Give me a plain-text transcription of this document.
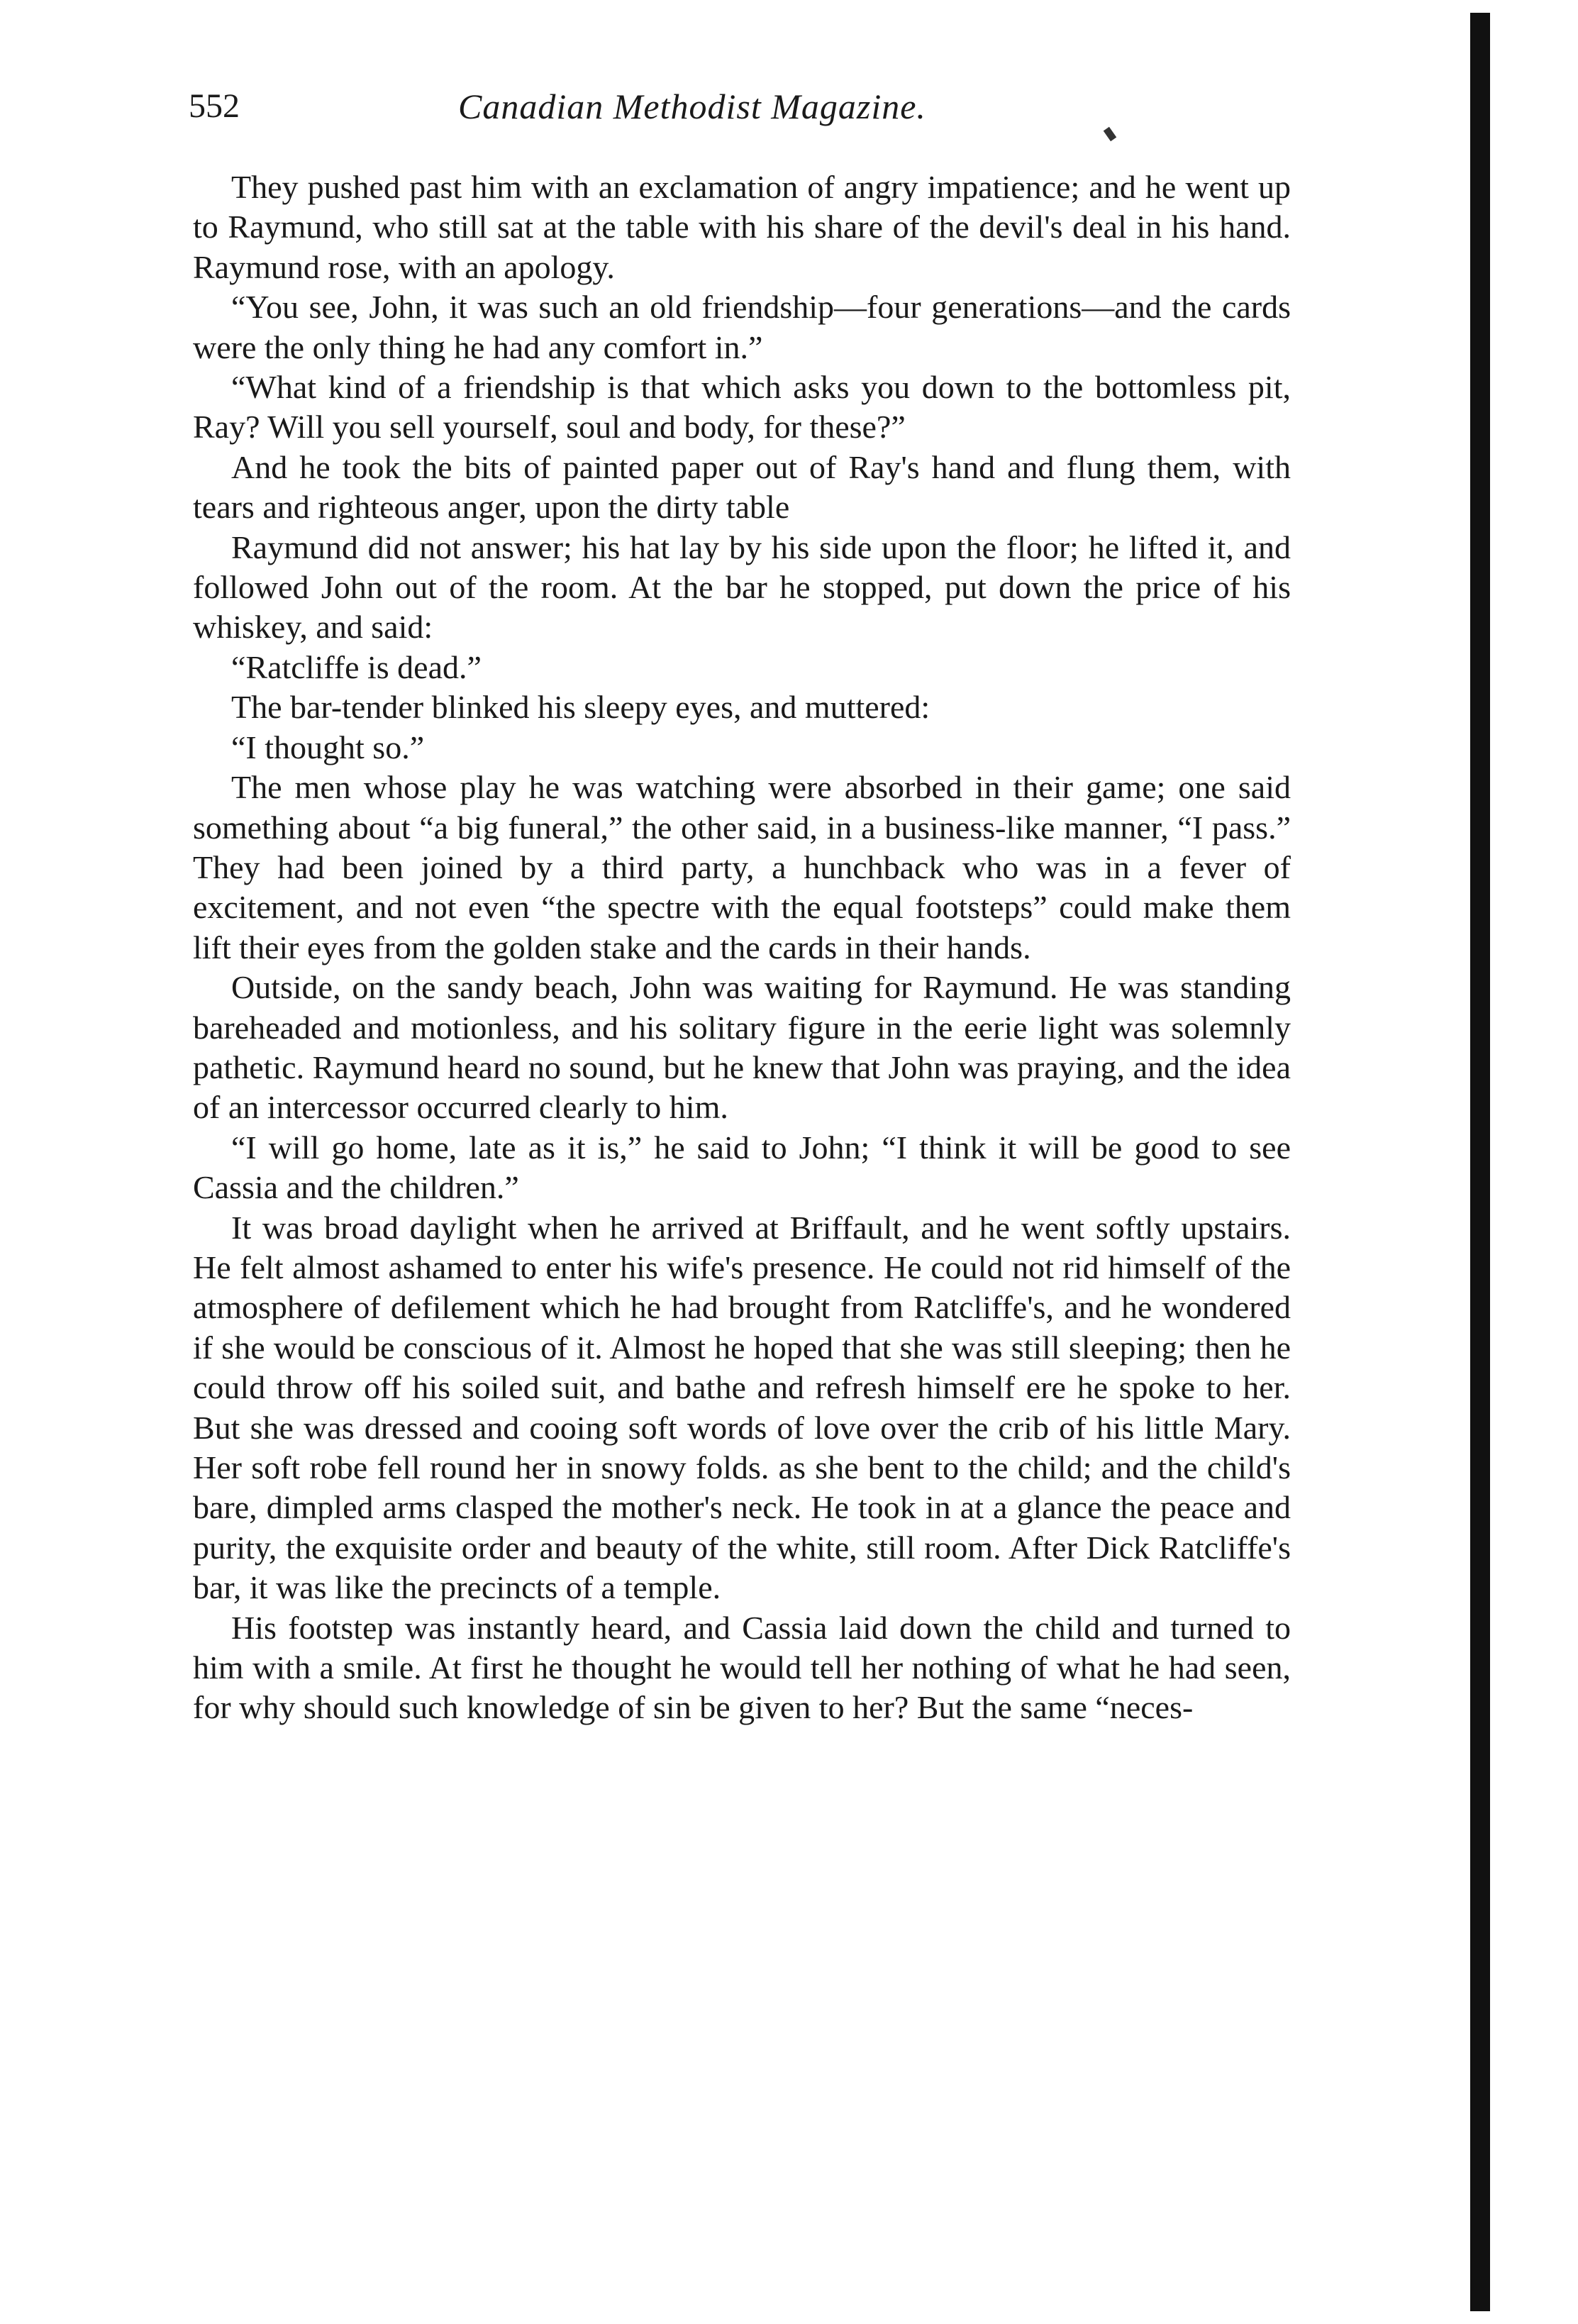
552	Canadian Methodist Magazine.

They pushed past him with an exclamation of angry impatience; and he went up to Raymund, who still sat at the table with his share of the devil's deal in his hand. Raymund rose, with an apology.

“You see, John, it was such an old friendship—four generations—and the cards were the only thing he had any comfort in.”

“What kind of a friendship is that which asks you down to the bottomless pit, Ray? Will you sell yourself, soul and body, for these?”

And he took the bits of painted paper out of Ray's hand and flung them, with tears and righteous anger, upon the dirty table

Raymund did not answer; his hat lay by his side upon the floor; he lifted it, and followed John out of the room. At the bar he stopped, put down the price of his whiskey, and said:

“Ratcliffe is dead.”

The bar-tender blinked his sleepy eyes, and muttered:

“I thought so.”

The men whose play he was watching were absorbed in their game; one said something about “a big funeral,” the other said, in a business-like manner, “I pass.” They had been joined by a third party, a hunchback who was in a fever of excitement, and not even “the spectre with the equal footsteps” could make them lift their eyes from the golden stake and the cards in their hands.

Outside, on the sandy beach, John was waiting for Raymund. He was standing bareheaded and motionless, and his solitary figure in the eerie light was solemnly pathetic. Raymund heard no sound, but he knew that John was praying, and the idea of an intercessor occurred clearly to him.

“I will go home, late as it is,” he said to John; “I think it will be good to see Cassia and the children.”

It was broad daylight when he arrived at Briffault, and he went softly upstairs. He felt almost ashamed to enter his wife's presence. He could not rid himself of the atmosphere of defilement which he had brought from Ratcliffe's, and he wondered if she would be conscious of it. Almost he hoped that she was still sleeping; then he could throw off his soiled suit, and bathe and refresh himself ere he spoke to her. But she was dressed and cooing soft words of love over the crib of his little Mary. Her soft robe fell round her in snowy folds. as she bent to the child; and the child's bare, dimpled arms clasped the mother's neck. He took in at a glance the peace and purity, the exquisite order and beauty of the white, still room. After Dick Ratcliffe's bar, it was like the precincts of a temple.

His footstep was instantly heard, and Cassia laid down the child and turned to him with a smile. At first he thought he would tell her nothing of what he had seen, for why should such knowledge of sin be given to her? But the same “neces-
